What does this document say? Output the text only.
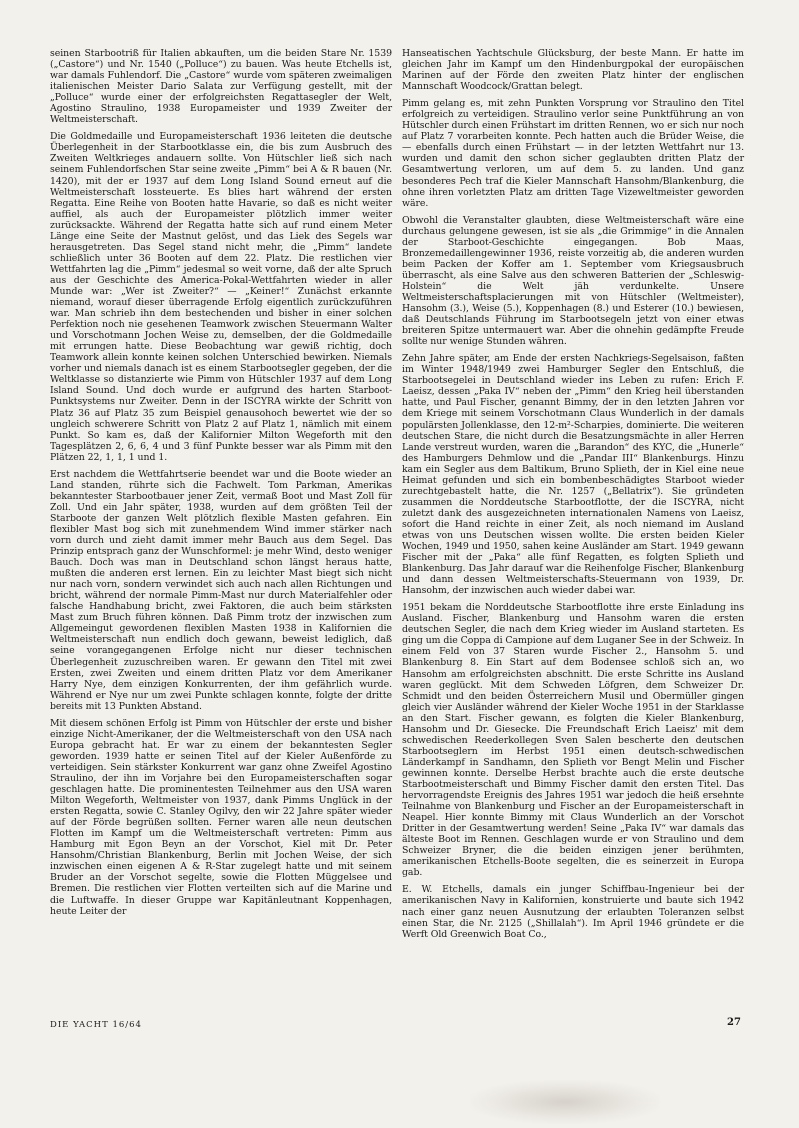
seinen Starbootriß für Italien abkauften, um die beiden Stare Nr. 1539 („Castore“) und Nr. 1540 („Polluce“) zu bauen. Was heute Etchells ist, war damals Fuhlendorf. Die „Castore“ wurde vom späteren zweimaligen italienischen Meister Dario Salata zur Verfügung gestellt, mit der „Polluce“ wurde einer der erfolgreichsten Regattasegler der Welt, Agostino Straulino, 1938 Europameister und 1939 Zweiter der Weltmeisterschaft.

Die Goldmedaille und Europameisterschaft 1936 leiteten die deutsche Überlegenheit in der Starbootklasse ein, die bis zum Ausbruch des Zweiten Weltkrieges andauern sollte. Von Hütschler ließ sich nach seinem Fuhlendorfschen Star seine zweite „Pimm“ bei A & R bauen (Nr. 1420), mit der er 1937 auf dem Long Island Sound erneut auf die Weltmeisterschaft lossteuerte. Es blies hart während der ersten Regatta. Eine Reihe von Booten hatte Havarie, so daß es nicht weiter auffiel, als auch der Europameister plötzlich immer weiter zurücksackte. Während der Regatta hatte sich auf rund einem Meter Länge eine Seite der Mastnut gelöst, und das Liek des Segels war herausgetreten. Das Segel stand nicht mehr, die „Pimm“ landete schließlich unter 36 Booten auf dem 22. Platz. Die restlichen vier Wettfahrten lag die „Pimm“ jedesmal so weit vorne, daß der alte Spruch aus der Geschichte des America-Pokal-Wettfahrten wieder in aller Munde war: „Wer ist Zweiter?“ — „Keiner!“ Zunächst erkannte niemand, worauf dieser überragende Erfolg eigentlich zurückzuführen war. Man schrieb ihn dem bestechenden und bisher in einer solchen Perfektion noch nie gesehenen Teamwork zwischen Steuermann Walter und Vorschotmann Jochen Weise zu, demselben, der die Goldmedaille mit errungen hatte. Diese Beobachtung war gewiß richtig, doch Teamwork allein konnte keinen solchen Unterschied bewirken. Niemals vorher und niemals danach ist es einem Starbootsegler gegeben, der die Weltklasse so distanzierte wie Pimm von Hütschler 1937 auf dem Long Island Sound. Und doch wurde er aufgrund des harten Starboot-Punktsystems nur Zweiter. Denn in der ISCYRA wirkte der Schritt von Platz 36 auf Platz 35 zum Beispiel genausohoch bewertet wie der so ungleich schwerere Schritt von Platz 2 auf Platz 1, nämlich mit einem Punkt. So kam es, daß der Kalifornier Milton Wegeforth mit den Tagesplätzen 2, 6, 6, 4 und 3 fünf Punkte besser war als Pimm mit den Plätzen 22, 1, 1, 1 und 1.

Erst nachdem die Wettfahrtserie beendet war und die Boote wieder an Land standen, rührte sich die Fachwelt. Tom Parkman, Amerikas bekanntester Starbootbauer jener Zeit, vermaß Boot und Mast Zoll für Zoll. Und ein Jahr später, 1938, wurden auf dem größten Teil der Starboote der ganzen Welt plötzlich flexible Masten gefahren. Ein flexibler Mast bog sich mit zunehmendem Wind immer stärker nach vorn durch und zieht damit immer mehr Bauch aus dem Segel. Das Prinzip entsprach ganz der Wunschformel: je mehr Wind, desto weniger Bauch. Doch was man in Deutschland schon längst heraus hatte, mußten die anderen erst lernen. Ein zu leichter Mast biegt sich nicht nur nach vorn, sondern verwindet sich auch nach allen Richtungen und bricht, während der normale Pimm-Mast nur durch Materialfehler oder falsche Handhabung bricht, zwei Faktoren, die auch beim stärksten Mast zum Bruch führen können. Daß Pimm trotz der inzwischen zum Allgemeingut gewordenen flexiblen Masten 1938 in Kalifornien die Weltmeisterschaft nun endlich doch gewann, beweist lediglich, daß seine vorangegangenen Erfolge nicht nur dieser technischen Überlegenheit zuzuschreiben waren. Er gewann den Titel mit zwei Ersten, zwei Zweiten und einem dritten Platz vor dem Amerikaner Harry Nye, dem einzigen Konkurrenten, der ihm gefährlich wurde. Während er Nye nur um zwei Punkte schlagen konnte, folgte der dritte bereits mit 13 Punkten Abstand.

Mit diesem schönen Erfolg ist Pimm von Hütschler der erste und bisher einzige Nicht-Amerikaner, der die Weltmeisterschaft von den USA nach Europa gebracht hat. Er war zu einem der bekanntesten Segler geworden. 1939 hatte er seinen Titel auf der Kieler Außenförde zu verteidigen. Sein stärkster Konkurrent war ganz ohne Zweifel Agostino Straulino, der ihn im Vorjahre bei den Europameisterschaften sogar geschlagen hatte. Die prominentesten Teilnehmer aus den USA waren Milton Wegeforth, Weltmeister von 1937, dank Pimms Unglück in der ersten Regatta, sowie C. Stanley Ogilvy, den wir 22 Jahre später wieder auf der Förde begrüßen sollten. Ferner waren alle neun deutschen Flotten im Kampf um die Weltmeisterschaft vertreten: Pimm aus Hamburg mit Egon Beyn an der Vorschot, Kiel mit Dr. Peter Hansohm/Christian Blankenburg, Berlin mit Jochen Weise, der sich inzwischen einen eigenen A & R-Star zugelegt hatte und mit seinem Bruder an der Vorschot segelte, sowie die Flotten Müggelsee und Bremen. Die restlichen vier Flotten verteilten sich auf die Marine und die Luftwaffe. In dieser Gruppe war Kapitänleutnant Koppenhagen, heute Leiter der

Hanseatischen Yachtschule Glücksburg, der beste Mann. Er hatte im gleichen Jahr im Kampf um den Hindenburgpokal der europäischen Marinen auf der Förde den zweiten Platz hinter der englischen Mannschaft Woodcock/Grattan belegt.

Pimm gelang es, mit zehn Punkten Vorsprung vor Straulino den Titel erfolgreich zu verteidigen. Straulino verlor seine Punktführung an von Hütschler durch einen Frühstart im dritten Rennen, wo er sich nur noch auf Platz 7 vorarbeiten konnte. Pech hatten auch die Brüder Weise, die — ebenfalls durch einen Frühstart — in der letzten Wettfahrt nur 13. wurden und damit den schon sicher geglaubten dritten Platz der Gesamtwertung verloren, um auf dem 5. zu landen. Und ganz besonderes Pech traf die Kieler Mannschaft Hansohm/Blankenburg, die ohne ihren vorletzten Platz am dritten Tage Vizeweltmeister geworden wäre.

Obwohl die Veranstalter glaubten, diese Weltmeisterschaft wäre eine durchaus gelungene gewesen, ist sie als „die Grimmige“ in die Annalen der Starboot-Geschichte eingegangen. Bob Maas, Bronzemedaillengewinner 1936, reiste vorzeitig ab, die anderen wurden beim Packen der Koffer am 1. September vom Kriegsausbruch überrascht, als eine Salve aus den schweren Batterien der „Schleswig-Holstein“ die Welt jäh verdunkelte. Unsere Weltmeisterschaftsplacierungen mit von Hütschler (Weltmeister), Hansohm (3.), Weise (5.), Koppenhagen (8.) und Esterer (10.) bewiesen, daß Deutschlands Führung im Starbootsegeln jetzt von einer etwas breiteren Spitze untermauert war. Aber die ohnehin gedämpfte Freude sollte nur wenige Stunden währen.

Zehn Jahre später, am Ende der ersten Nachkriegs-Segelsaison, faßten im Winter 1948/1949 zwei Hamburger Segler den Entschluß, die Starbootsegelei in Deutschland wieder ins Leben zu rufen: Erich F. Laeisz, dessen „Paka IV“ neben der „Pimm“ den Krieg heil überstanden hatte, und Paul Fischer, genannt Bimmy, der in den letzten Jahren vor dem Kriege mit seinem Vorschotmann Claus Wunderlich in der damals populärsten Jollenklasse, den 12-m²-Scharpies, dominierte. Die weiteren deutschen Stare, die nicht durch die Besatzungsmächte in aller Herren Lande verstreut wurden, waren die „Barandon“ des KYC, die „Hunerle“ des Hamburgers Dehmlow und die „Pandar III“ Blankenburgs. Hinzu kam ein Segler aus dem Baltikum, Bruno Splieth, der in Kiel eine neue Heimat gefunden und sich ein bombenbeschädigtes Starboot wieder zurechtgebastelt hatte, die Nr. 1257 („Bellatrix“). Sie gründeten zusammen die Norddeutsche Starbootflotte, der die ISCYRA, nicht zuletzt dank des ausgezeichneten internationalen Namens von Laeisz, sofort die Hand reichte in einer Zeit, als noch niemand im Ausland etwas von uns Deutschen wissen wollte. Die ersten beiden Kieler Wochen, 1949 und 1950, sahen keine Ausländer am Start. 1949 gewann Fischer mit der „Paka“ alle fünf Regatten, es folgten Splieth und Blankenburg. Das Jahr darauf war die Reihenfolge Fischer, Blankenburg und dann dessen Weltmeisterschafts-Steuermann von 1939, Dr. Hansohm, der inzwischen auch wieder dabei war.

1951 bekam die Norddeutsche Starbootflotte ihre erste Einladung ins Ausland. Fischer, Blankenburg und Hansohm waren die ersten deutschen Segler, die nach dem Krieg wieder im Ausland starteten. Es ging um die Coppa di Campione auf dem Luganer See in der Schweiz. In einem Feld von 37 Staren wurde Fischer 2., Hansohm 5. und Blankenburg 8. Ein Start auf dem Bodensee schloß sich an, wo Hansohm am erfolgreichsten abschnitt. Die erste Schritte ins Ausland waren geglückt. Mit dem Schweden Löfgren, dem Schweizer Dr. Schmidt und den beiden Österreichern Musil und Obermüller gingen gleich vier Ausländer während der Kieler Woche 1951 in der Starklasse an den Start. Fischer gewann, es folgten die Kieler Blankenburg, Hansohm und Dr. Giesecke. Die Freundschaft Erich Laeisz' mit dem schwedischen Reederkollegen Sven Salen bescherte den deutschen Starbootseglern im Herbst 1951 einen deutsch-schwedischen Länderkampf in Sandhamn, den Splieth vor Bengt Melin und Fischer gewinnen konnte. Derselbe Herbst brachte auch die erste deutsche Starbootmeisterschaft und Bimmy Fischer damit den ersten Titel. Das hervorragendste Ereignis des Jahres 1951 war jedoch die heiß ersehnte Teilnahme von Blankenburg und Fischer an der Europameisterschaft in Neapel. Hier konnte Bimmy mit Claus Wunderlich an der Vorschot Dritter in der Gesamtwertung werden! Seine „Paka IV“ war damals das älteste Boot im Rennen. Geschlagen wurde er von Straulino und dem Schweizer Bryner, die die beiden einzigen jener berühmten, amerikanischen Etchells-Boote segelten, die es seinerzeit in Europa gab.

E. W. Etchells, damals ein junger Schiffbau-Ingenieur bei der amerikanischen Navy in Kalifornien, konstruierte und baute sich 1942 nach einer ganz neuen Ausnutzung der erlaubten Toleranzen selbst einen Star, die Nr. 2125 („Shillalah“). Im April 1946 gründete er die Werft Old Greenwich Boat Co.,

DIE YACHT 16/64	27
